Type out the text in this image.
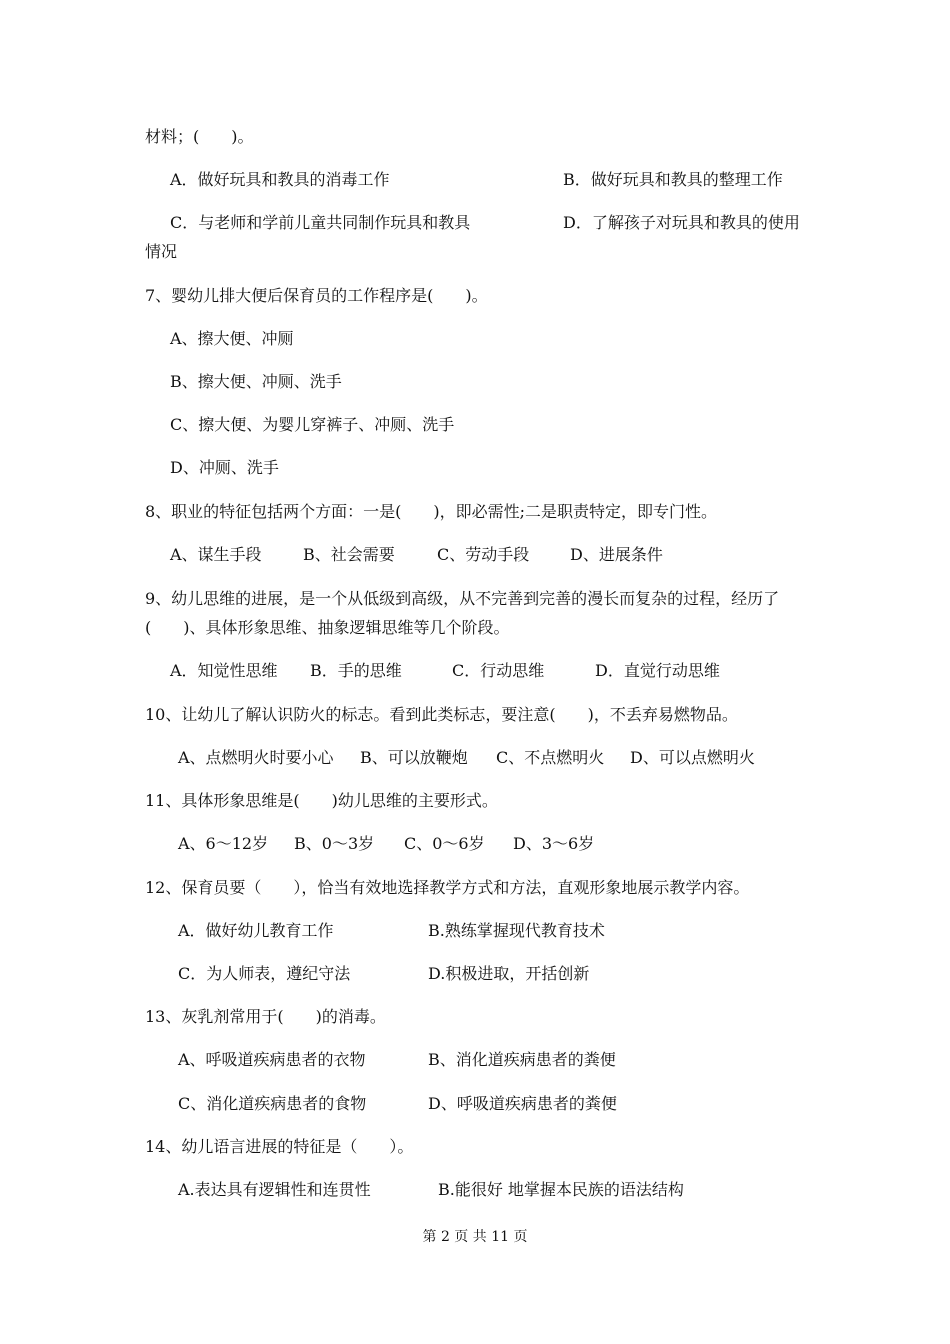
材料；(　　)。

A．做好玩具和教具的消毒工作	B．做好玩具和教具的整理工作

C．与老师和学前儿童共同制作玩具和教具	D．了解孩子对玩具和教具的使用

情况

7、婴幼儿排大便后保育员的工作程序是(　　)。

A、擦大便、冲厕

B、擦大便、冲厕、洗手

C、擦大便、为婴儿穿裤子、冲厕、洗手

D、冲厕、洗手

8、职业的特征包括两个方面：一是(　　)，即必需性;二是职责特定，即专门性。

A、谋生手段	B、社会需要	C、劳动手段	D、进展条件

9、幼儿思维的进展，是一个从低级到高级，从不完善到完善的漫长而复杂的过程，经历了

(　　)、具体形象思维、抽象逻辑思维等几个阶段。

A．知觉性思维 B．手的思维	C．行动思维	D．直觉行动思维

10、让幼儿了解认识防火的标志。看到此类标志，要注意(　　)，不丢弃易燃物品。

A、点燃明火时要小心 B、可以放鞭炮 C、不点燃明火 D、可以点燃明火

11、具体形象思维是(　　)幼儿思维的主要形式。

A、6～12岁 B、0～3岁 C、0～6岁 D、3～6岁

12、保育员要（　　），恰当有效地选择教学方式和方法，直观形象地展示教学内容。

A．做好幼儿教育工作	B.熟练掌握现代教育技术

C．为人师表，遵纪守法	D.积极进取，开括创新

13、灰乳剂常用于(　　)的消毒。

A、呼吸道疾病患者的衣物	B、消化道疾病患者的粪便

C、消化道疾病患者的食物	D、呼吸道疾病患者的粪便

14、幼儿语言进展的特征是（　　）。

A.表达具有逻辑性和连贯性	B.能很好 地掌握本民族的语法结构

第 2 页 共 11 页
